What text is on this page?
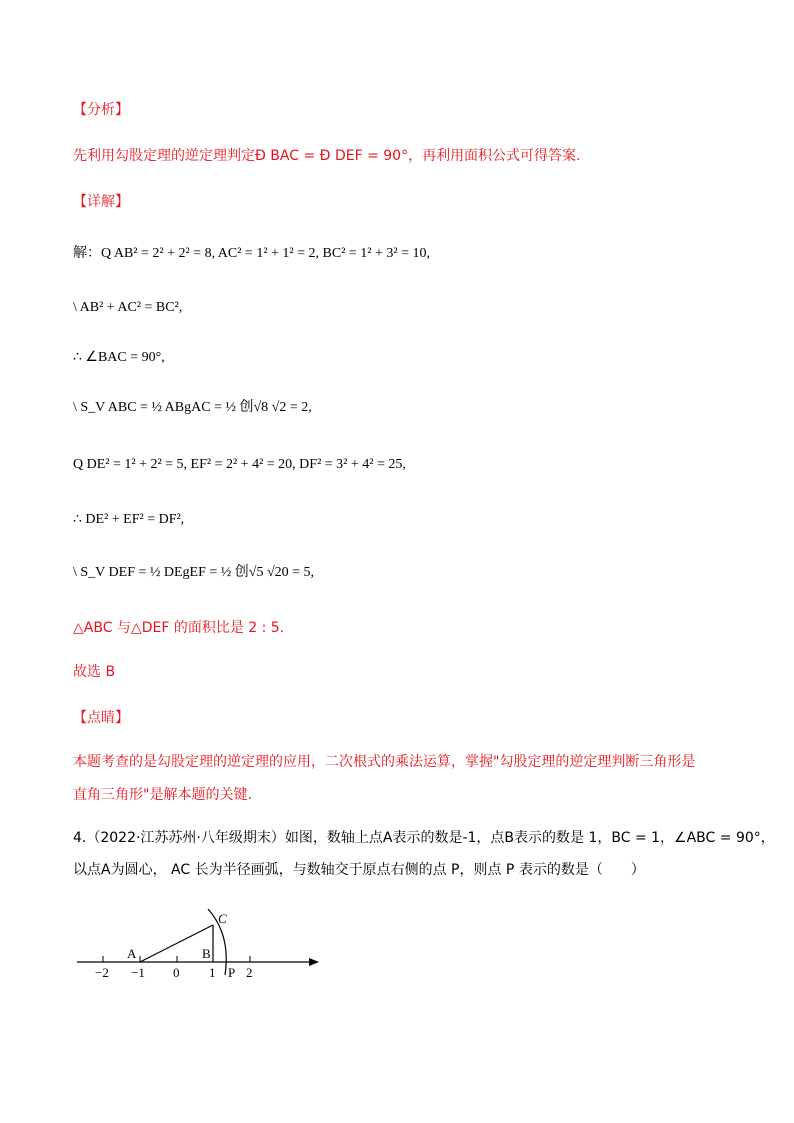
【分析】
先利用勾股定理的逆定理判定Ð BAC = Ð DEF = 90°，再利用面积公式可得答案.
【详解】
解：Q AB² = 2² + 2² = 8, AC² = 1² + 1² = 2, BC² = 1² + 3² = 10,
\ AB² + AC² = BC²,
∴ ∠BAC = 90°,
\ S_V ABC = ½ ABgAC = ½ 创√8 √2 = 2,
Q DE² = 1² + 2² = 5, EF² = 2² + 4² = 20, DF² = 3² + 4² = 25,
∴ DE² + EF² = DF²,
\ S_V DEF = ½ DEgEF = ½ 创√5 √20 = 5,
△ABC 与△DEF 的面积比是 2 : 5.
故选 B
【点睛】
本题考查的是勾股定理的逆定理的应用，二次根式的乘法运算，掌握"勾股定理的逆定理判断三角形是
直角三角形"是解本题的关键.
4.（2022·江苏苏州·八年级期末）如图，数轴上点A表示的数是-1，点B表示的数是 1，BC = 1，∠ABC = 90°，
以点A为圆心， AC 长为半径画弧，与数轴交于原点右侧的点 P，则点 P 表示的数是（　　）
−2 −1 0 1 2
A	B
C
P
